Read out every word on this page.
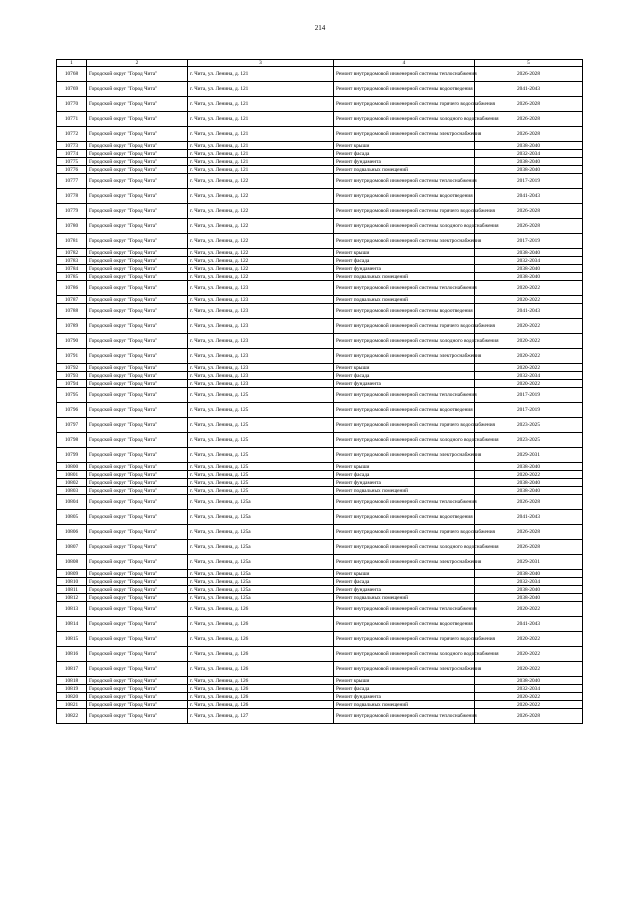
214
1	2	3	4	5
10768	Городской округ "Город Чита"	г. Чита, ул. Ленина, д. 121	Ремонт внутридомовой инженерной системы теплоснабжения	2026-2028
10769	Городской округ "Город Чита"	г. Чита, ул. Ленина, д. 121	Ремонт внутридомовой инженерной системы водоотведения	2041-2043
10770	Городской округ "Город Чита"	г. Чита, ул. Ленина, д. 121	Ремонт внутридомовой инженерной системы горячего водоснабжения	2026-2028
10771	Городской округ "Город Чита"	г. Чита, ул. Ленина, д. 121	Ремонт внутридомовой инженерной системы холодного водоснабжения	2026-2028
10772	Городской округ "Город Чита"	г. Чита, ул. Ленина, д. 121	Ремонт внутридомовой инженерной системы электроснабжения	2026-2028
10773	Городской округ "Город Чита"	г. Чита, ул. Ленина, д. 121	Ремонт крыши	2038-2040
10774	Городской округ "Город Чита"	г. Чита, ул. Ленина, д. 121	Ремонт фасада	2032-2034
10775	Городской округ "Город Чита"	г. Чита, ул. Ленина, д. 121	Ремонт фундамента	2038-2040
10776	Городской округ "Город Чита"	г. Чита, ул. Ленина, д. 121	Ремонт подвальных помещений	2038-2040
10777	Городской округ "Город Чита"	г. Чита, ул. Ленина, д. 122	Ремонт внутридомовой инженерной системы теплоснабжения	2017-2019
10778	Городской округ "Город Чита"	г. Чита, ул. Ленина, д. 122	Ремонт внутридомовой инженерной системы водоотведения	2041-2043
10779	Городской округ "Город Чита"	г. Чита, ул. Ленина, д. 122	Ремонт внутридомовой инженерной системы горячего водоснабжения	2026-2028
10780	Городской округ "Город Чита"	г. Чита, ул. Ленина, д. 122	Ремонт внутридомовой инженерной системы холодного водоснабжения	2026-2028
10781	Городской округ "Город Чита"	г. Чита, ул. Ленина, д. 122	Ремонт внутридомовой инженерной системы электроснабжения	2017-2019
10782	Городской округ "Город Чита"	г. Чита, ул. Ленина, д. 122	Ремонт крыши	2038-2040
10783	Городской округ "Город Чита"	г. Чита, ул. Ленина, д. 122	Ремонт фасада	2032-2034
10784	Городской округ "Город Чита"	г. Чита, ул. Ленина, д. 122	Ремонт фундамента	2038-2040
10785	Городской округ "Город Чита"	г. Чита, ул. Ленина, д. 122	Ремонт подвальных помещений	2038-2040
10786	Городской округ "Город Чита"	г. Чита, ул. Ленина, д. 123	Ремонт внутридомовой инженерной системы теплоснабжения	2020-2022
10787	Городской округ "Город Чита"	г. Чита, ул. Ленина, д. 123	Ремонт подвальных помещений	2020-2022
10788	Городской округ "Город Чита"	г. Чита, ул. Ленина, д. 123	Ремонт внутридомовой инженерной системы водоотведения	2041-2043
10789	Городской округ "Город Чита"	г. Чита, ул. Ленина, д. 123	Ремонт внутридомовой инженерной системы горячего водоснабжения	2020-2022
10790	Городской округ "Город Чита"	г. Чита, ул. Ленина, д. 123	Ремонт внутридомовой инженерной системы холодного водоснабжения	2020-2022
10791	Городской округ "Город Чита"	г. Чита, ул. Ленина, д. 123	Ремонт внутридомовой инженерной системы электроснабжения	2020-2022
10792	Городской округ "Город Чита"	г. Чита, ул. Ленина, д. 123	Ремонт крыши	2020-2022
10793	Городской округ "Город Чита"	г. Чита, ул. Ленина, д. 123	Ремонт фасада	2032-2034
10794	Городской округ "Город Чита"	г. Чита, ул. Ленина, д. 123	Ремонт фундамента	2020-2022
10795	Городской округ "Город Чита"	г. Чита, ул. Ленина, д. 125	Ремонт внутридомовой инженерной системы теплоснабжения	2017-2019
10796	Городской округ "Город Чита"	г. Чита, ул. Ленина, д. 125	Ремонт внутридомовой инженерной системы водоотведения	2017-2019
10797	Городской округ "Город Чита"	г. Чита, ул. Ленина, д. 125	Ремонт внутридомовой инженерной системы горячего водоснабжения	2023-2025
10798	Городской округ "Город Чита"	г. Чита, ул. Ленина, д. 125	Ремонт внутридомовой инженерной системы холодного водоснабжения	2023-2025
10799	Городской округ "Город Чита"	г. Чита, ул. Ленина, д. 125	Ремонт внутридомовой инженерной системы электроснабжения	2029-2031
10800	Городской округ "Город Чита"	г. Чита, ул. Ленина, д. 125	Ремонт крыши	2038-2040
10801	Городской округ "Город Чита"	г. Чита, ул. Ленина, д. 125	Ремонт фасада	2020-2022
10802	Городской округ "Город Чита"	г. Чита, ул. Ленина, д. 125	Ремонт фундамента	2038-2040
10803	Городской округ "Город Чита"	г. Чита, ул. Ленина, д. 125	Ремонт подвальных помещений	2038-2040
10804	Городской округ "Город Чита"	г. Чита, ул. Ленина, д. 125а	Ремонт внутридомовой инженерной системы теплоснабжения	2026-2028
10805	Городской округ "Город Чита"	г. Чита, ул. Ленина, д. 125а	Ремонт внутридомовой инженерной системы водоотведения	2041-2043
10806	Городской округ "Город Чита"	г. Чита, ул. Ленина, д. 125а	Ремонт внутридомовой инженерной системы горячего водоснабжения	2026-2028
10807	Городской округ "Город Чита"	г. Чита, ул. Ленина, д. 125а	Ремонт внутридомовой инженерной системы холодного водоснабжения	2026-2028
10808	Городской округ "Город Чита"	г. Чита, ул. Ленина, д. 125а	Ремонт внутридомовой инженерной системы электроснабжения	2029-2031
10809	Городской округ "Город Чита"	г. Чита, ул. Ленина, д. 125а	Ремонт крыши	2038-2040
10810	Городской округ "Город Чита"	г. Чита, ул. Ленина, д. 125а	Ремонт фасада	2032-2034
10811	Городской округ "Город Чита"	г. Чита, ул. Ленина, д. 125а	Ремонт фундамента	2038-2040
10812	Городской округ "Город Чита"	г. Чита, ул. Ленина, д. 125а	Ремонт подвальных помещений	2038-2040
10813	Городской округ "Город Чита"	г. Чита, ул. Ленина, д. 126	Ремонт внутридомовой инженерной системы теплоснабжения	2020-2022
10814	Городской округ "Город Чита"	г. Чита, ул. Ленина, д. 126	Ремонт внутридомовой инженерной системы водоотведения	2041-2043
10815	Городской округ "Город Чита"	г. Чита, ул. Ленина, д. 126	Ремонт внутридомовой инженерной системы горячего водоснабжения	2020-2022
10816	Городской округ "Город Чита"	г. Чита, ул. Ленина, д. 126	Ремонт внутридомовой инженерной системы холодного водоснабжения	2020-2022
10817	Городской округ "Город Чита"	г. Чита, ул. Ленина, д. 126	Ремонт внутридомовой инженерной системы электроснабжения	2020-2022
10818	Городской округ "Город Чита"	г. Чита, ул. Ленина, д. 126	Ремонт крыши	2038-2040
10819	Городской округ "Город Чита"	г. Чита, ул. Ленина, д. 126	Ремонт фасада	2032-2034
10820	Городской округ "Город Чита"	г. Чита, ул. Ленина, д. 126	Ремонт фундамента	2020-2022
10821	Городской округ "Город Чита"	г. Чита, ул. Ленина, д. 126	Ремонт подвальных помещений	2020-2022
10822	Городской округ "Город Чита"	г. Чита, ул. Ленина, д. 127	Ремонт внутридомовой инженерной системы теплоснабжения	2026-2028
